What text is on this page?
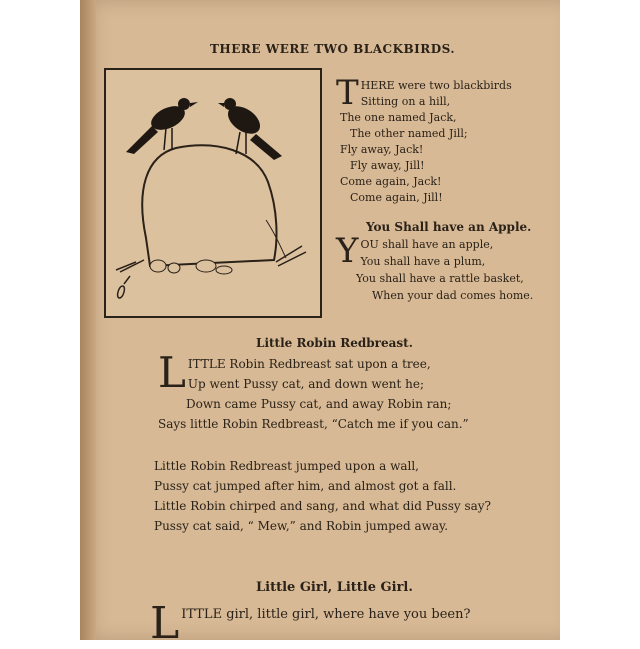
THERE WERE TWO BLACKBIRDS.
T HERE were two blackbirds
Sitting on a hill,
The one named Jack,
The other named Jill;
Fly away, Jack!
Fly away, Jill!
Come again, Jack!
Come again, Jill!
You Shall have an Apple.
Y OU shall have an apple,
You shall have a plum,
You shall have a rattle basket,
When your dad comes home.
Little Robin Redbreast.
L ITTLE Robin Redbreast sat upon a tree,
Up went Pussy cat, and down went he;
Down came Pussy cat, and away Robin ran;
Says little Robin Redbreast, “Catch me if you can.”
Little Robin Redbreast jumped upon a wall,
Pussy cat jumped after him, and almost got a fall.
Little Robin chirped and sang, and what did Pussy say?
Pussy cat said, “ Mew,” and Robin jumped away.
Little Girl, Little Girl.
L ITTLE girl, little girl, where have you been?
